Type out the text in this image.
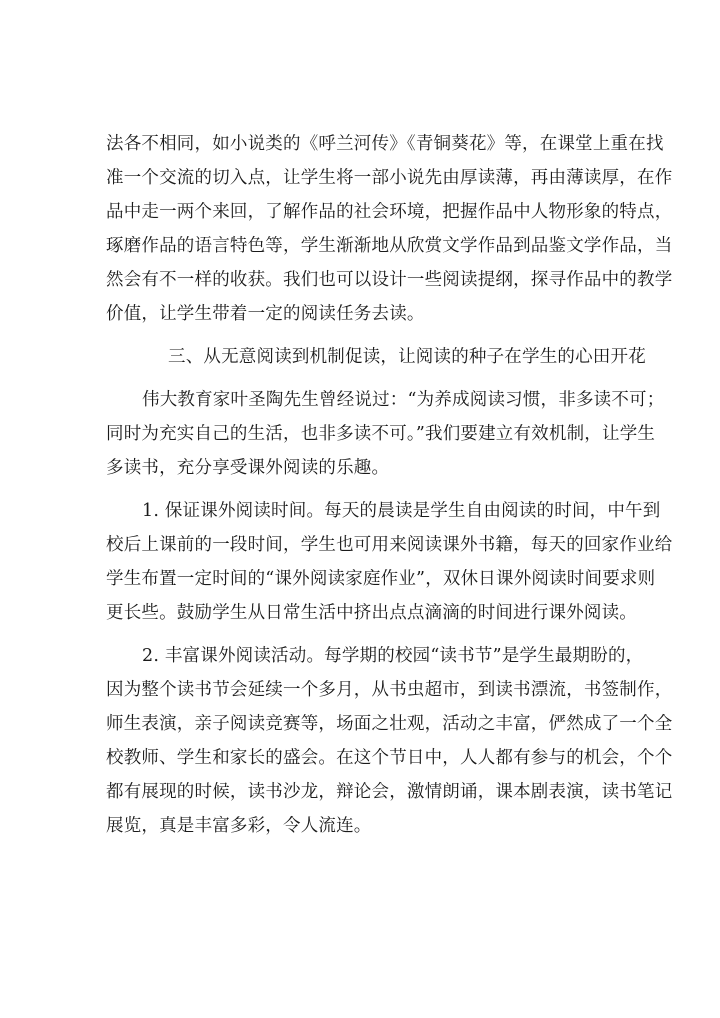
法各不相同，如小说类的《呼兰河传》《青铜葵花》等，在课堂上重在找
准一个交流的切入点，让学生将一部小说先由厚读薄，再由薄读厚，在作
品中走一两个来回，了解作品的社会环境，把握作品中人物形象的特点，
琢磨作品的语言特色等，学生渐渐地从欣赏文学作品到品鉴文学作品，当
然会有不一样的收获。我们也可以设计一些阅读提纲，探寻作品中的教学
价值，让学生带着一定的阅读任务去读。
三、从无意阅读到机制促读，让阅读的种子在学生的心田开花
伟大教育家叶圣陶先生曾经说过：“为养成阅读习惯，非多读不可；
同时为充实自己的生活，也非多读不可。”我们要建立有效机制，让学生
多读书，充分享受课外阅读的乐趣。
1. 保证课外阅读时间。每天的晨读是学生自由阅读的时间，中午到
校后上课前的一段时间，学生也可用来阅读课外书籍，每天的回家作业给
学生布置一定时间的“课外阅读家庭作业”，双休日课外阅读时间要求则
更长些。鼓励学生从日常生活中挤出点点滴滴的时间进行课外阅读。
2. 丰富课外阅读活动。每学期的校园“读书节”是学生最期盼的，
因为整个读书节会延续一个多月，从书虫超市，到读书漂流，书签制作，
师生表演，亲子阅读竞赛等，场面之壮观，活动之丰富，俨然成了一个全
校教师、学生和家长的盛会。在这个节日中，人人都有参与的机会，个个
都有展现的时候，读书沙龙，辩论会，激情朗诵，课本剧表演，读书笔记
展览，真是丰富多彩，令人流连。
